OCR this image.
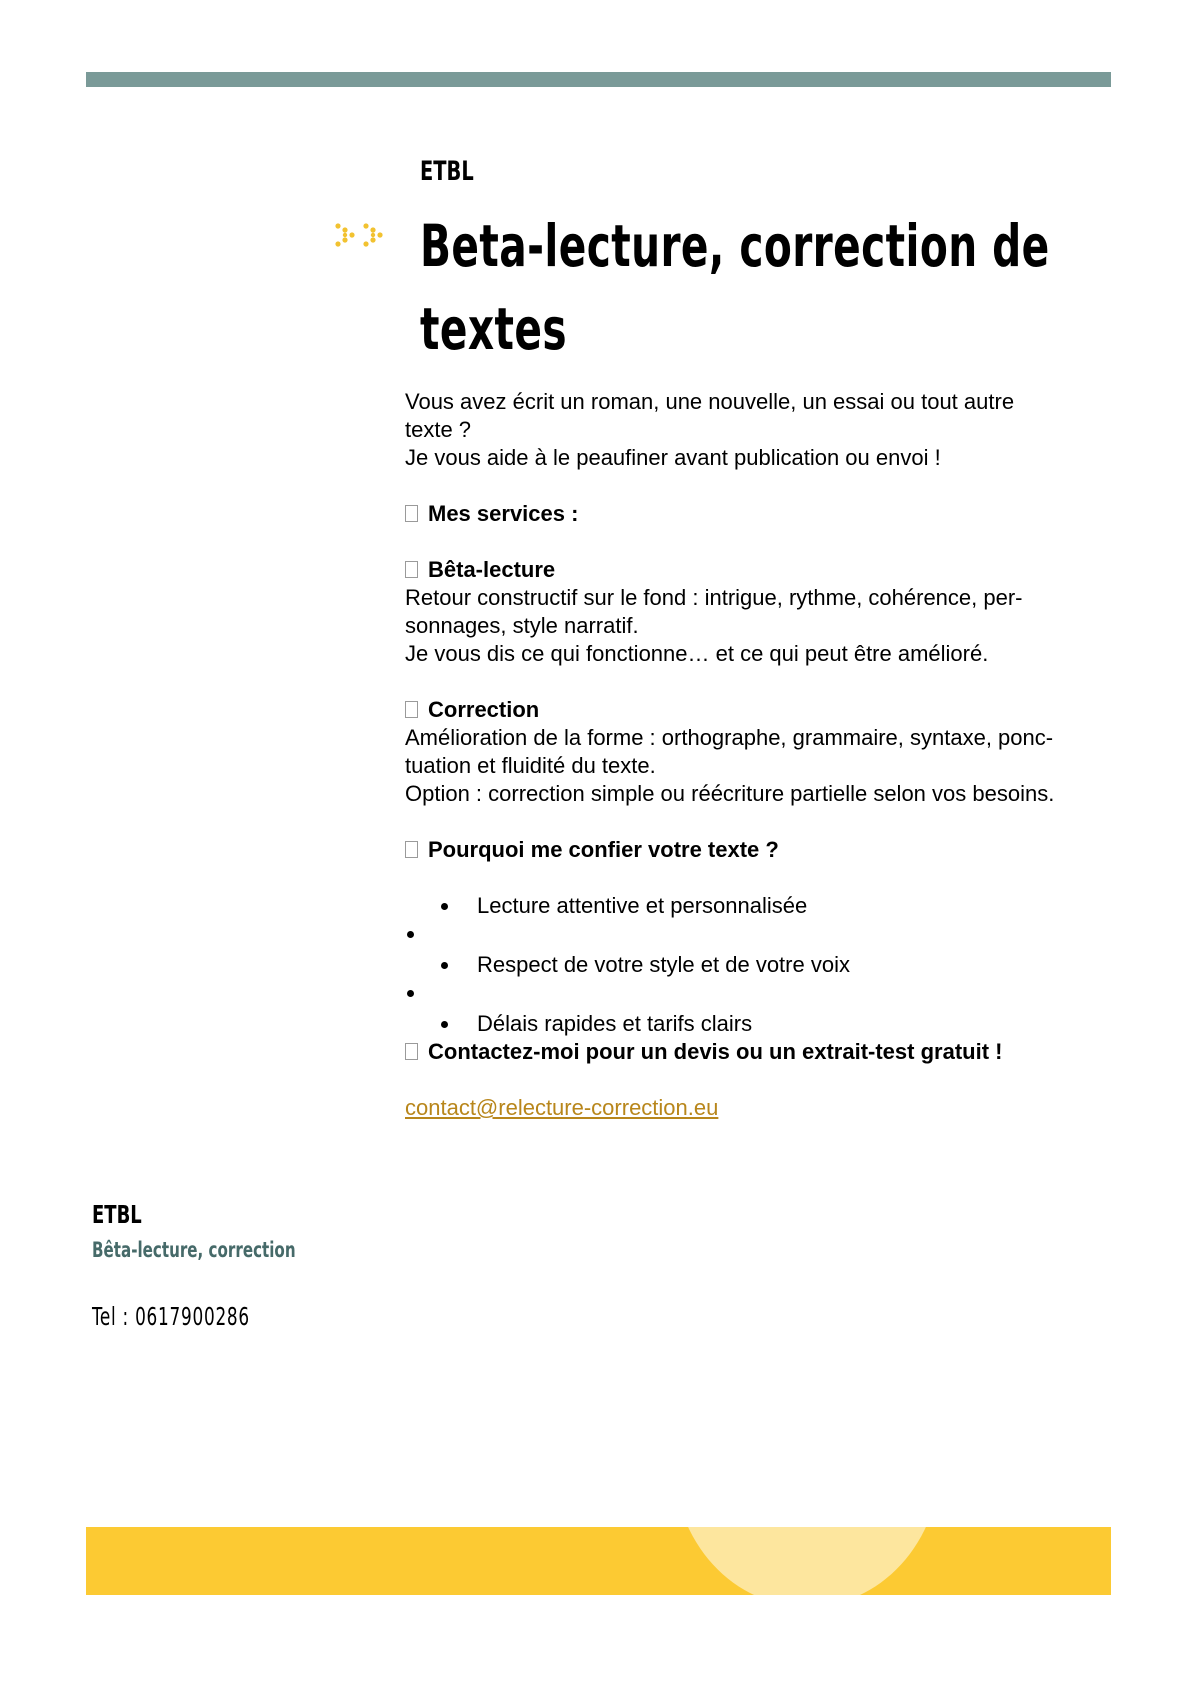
ETBL
Beta-lecture, correction de textes

Vous avez écrit un roman, une nouvelle, un essai ou tout autre

texte ?

Je vous aide à le peaufiner avant publication ou envoi !

Mes services :

Bêta-lecture

Retour constructif sur le fond : intrigue, rythme, cohérence, per-

sonnages, style narratif.

Je vous dis ce qui fonctionne… et ce qui peut être amélioré.

Correction

Amélioration de la forme : orthographe, grammaire, syntaxe, ponc-

tuation et fluidité du texte.

Option : correction simple ou réécriture partielle selon vos besoins.

Pourquoi me confier votre texte ?

Lecture attentive et personnalisée
Respect de votre style et de votre voix
Délais rapides et tarifs clairs

Contactez-moi pour un devis ou un extrait-test gratuit !

contact@relecture-correction.eu

ETBL
Bêta-lecture, correction
Tel : 0617900286
